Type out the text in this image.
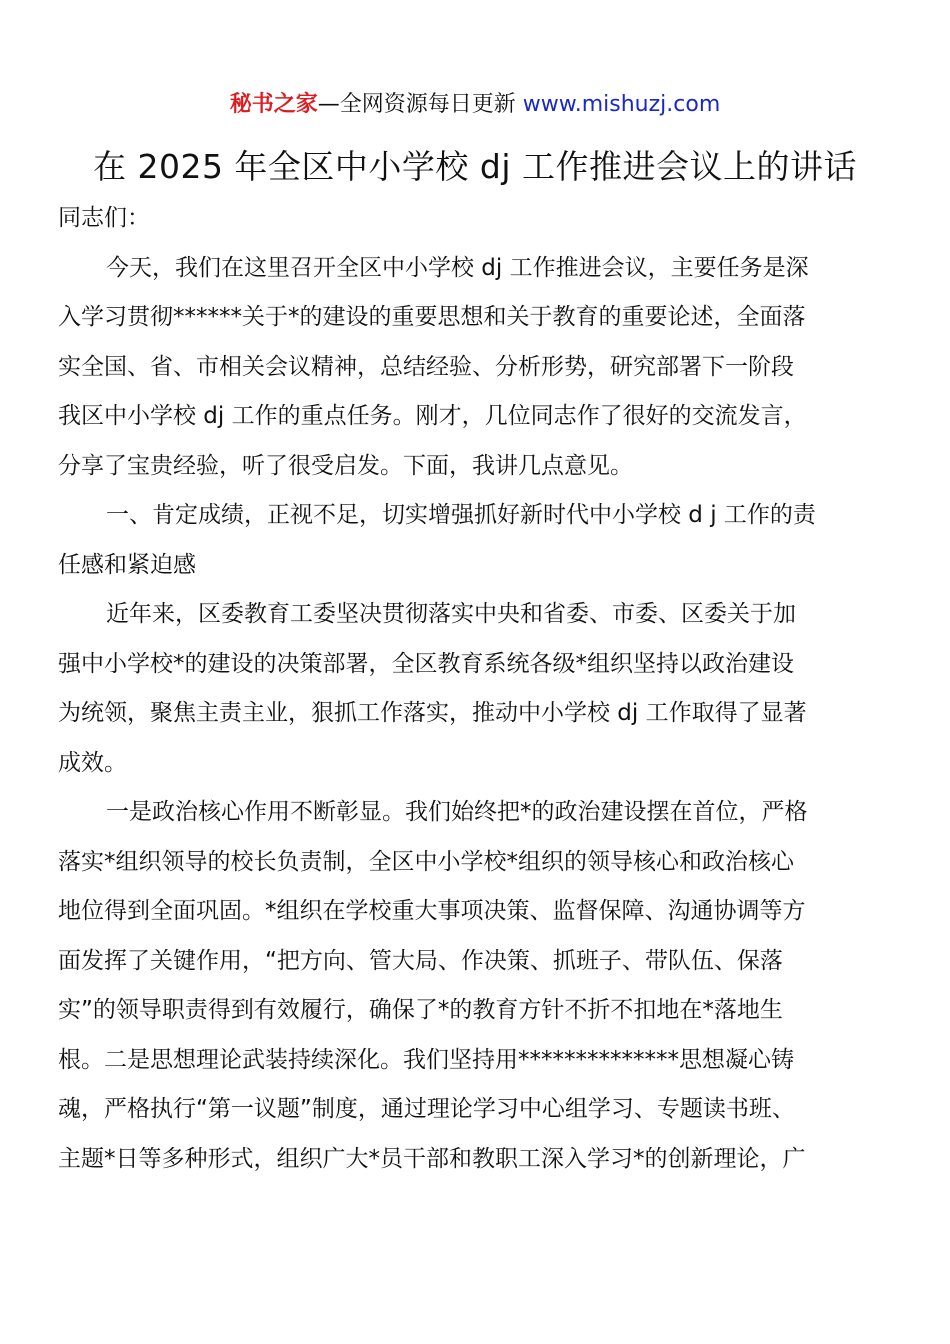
秘书之家—全网资源每日更新 www.mishuzj.com
在 2025 年全区中小学校 dj 工作推进会议上的讲话
同志们：
今天，我们在这里召开全区中小学校 dj 工作推进会议，主要任务是深
入学习贯彻******关于*的建设的重要思想和关于教育的重要论述，全面落
实全国、省、市相关会议精神，总结经验、分析形势，研究部署下一阶段
我区中小学校 dj 工作的重点任务。刚才，几位同志作了很好的交流发言，
分享了宝贵经验，听了很受启发。下面，我讲几点意见。
一、肯定成绩，正视不足，切实增强抓好新时代中小学校 d j 工作的责
任感和紧迫感
近年来，区委教育工委坚决贯彻落实中央和省委、市委、区委关于加
强中小学校*的建设的决策部署，全区教育系统各级*组织坚持以政治建设
为统领，聚焦主责主业，狠抓工作落实，推动中小学校 dj 工作取得了显著
成效。
一是政治核心作用不断彰显。我们始终把*的政治建设摆在首位，严格
落实*组织领导的校长负责制，全区中小学校*组织的领导核心和政治核心
地位得到全面巩固。*组织在学校重大事项决策、监督保障、沟通协调等方
面发挥了关键作用，“把方向、管大局、作决策、抓班子、带队伍、保落
实”的领导职责得到有效履行，确保了*的教育方针不折不扣地在*落地生
根。二是思想理论武装持续深化。我们坚持用**************思想凝心铸
魂，严格执行“第一议题”制度，通过理论学习中心组学习、专题读书班、
主题*日等多种形式，组织广大*员干部和教职工深入学习*的创新理论，广
